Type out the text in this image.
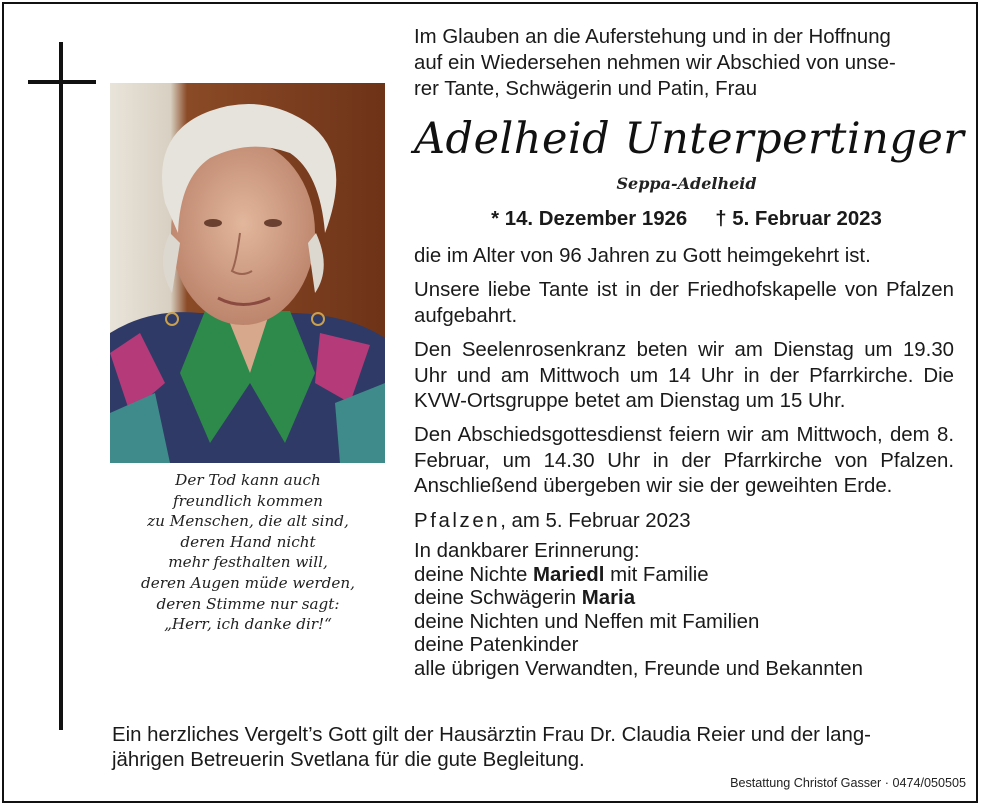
Der Tod kann auch
freundlich kommen
zu Menschen, die alt sind,
deren Hand nicht
mehr festhalten will,
deren Augen müde werden,
deren Stimme nur sagt:
„Herr, ich danke dir!“
Im Glauben an die Auferstehung und in der Hoffnung
auf ein Wiedersehen nehmen wir Abschied von unse-
rer Tante, Schwägerin und Patin, Frau
Adelheid Unterpertinger
Seppa-Adelheid
* 14. Dezember 1926 † 5. Februar 2023

die im Alter von 96 Jahren zu Gott heimgekehrt ist.

Unsere liebe Tante ist in der Friedhofskapelle von Pfalzen aufgebahrt.

Den Seelenrosenkranz beten wir am Dienstag um 19.30 Uhr und am Mittwoch um 14 Uhr in der Pfarrkirche. Die KVW-Ortsgruppe betet am Dienstag um 15 Uhr.

Den Abschiedsgottesdienst feiern wir am Mittwoch, dem 8. Februar, um 14.30 Uhr in der Pfarrkirche von Pfalzen. Anschließend übergeben wir sie der geweihten Erde.

Pfalzen, am 5. Februar 2023
In dankbarer Erinnerung:
deine Nichte Mariedl mit Familie
deine Schwägerin Maria
deine Nichten und Neffen mit Familien
deine Patenkinder
alle übrigen Verwandten, Freunde und Bekannten
Ein herzliches Vergelt’s Gott gilt der Hausärztin Frau Dr. Claudia Reier und der lang-
jährigen Betreuerin Svetlana für die gute Begleitung.
Bestattung Christof Gasser · 0474/050505
